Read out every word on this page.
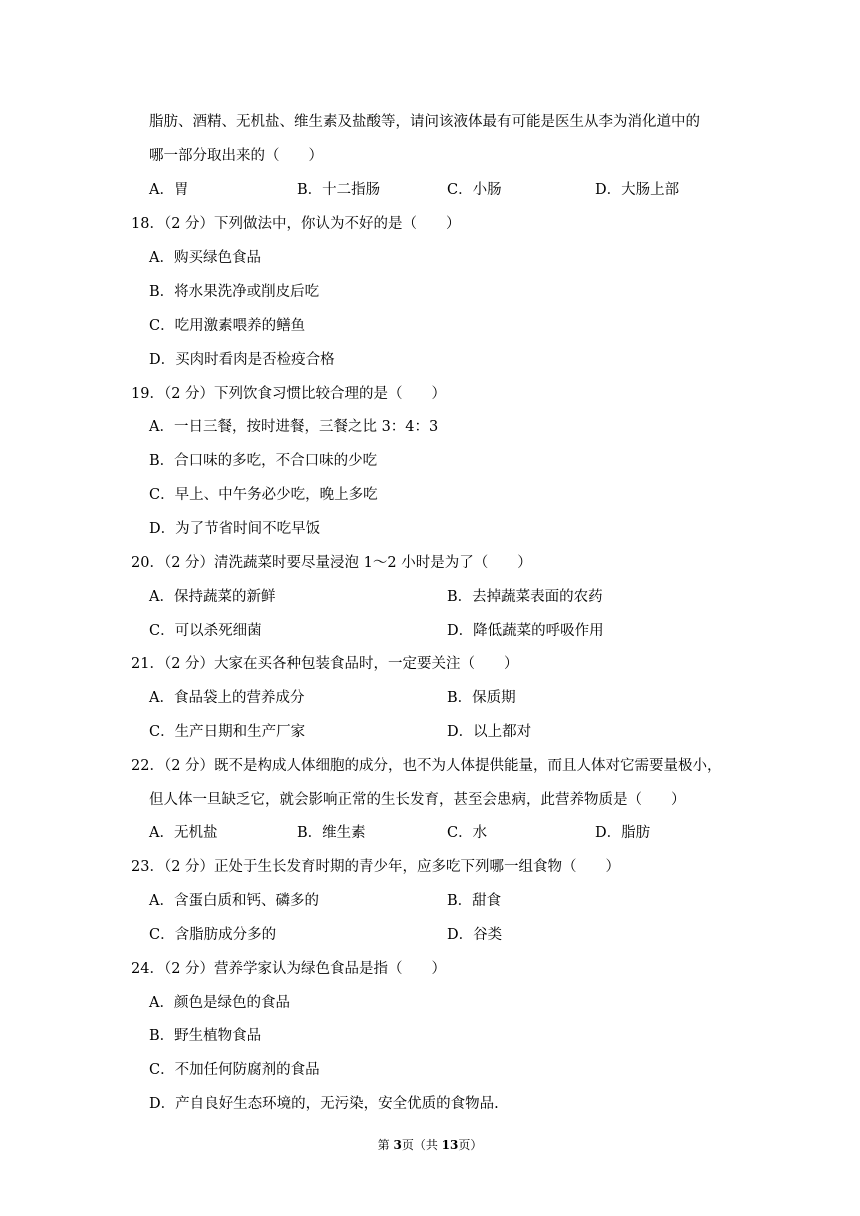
脂肪、酒精、无机盐、维生素及盐酸等，请问该液体最有可能是医生从李为消化道中的
哪一部分取出来的（　　）
A．胃	B．十二指肠	C．小肠	D．大肠上部
18．（2 分）下列做法中，你认为不好的是（　　）
A．购买绿色食品
B．将水果洗净或削皮后吃
C．吃用激素喂养的鳝鱼
D．买肉时看肉是否检疫合格
19．（2 分）下列饮食习惯比较合理的是（　　）
A．一日三餐，按时进餐，三餐之比 3：4：3
B．合口味的多吃，不合口味的少吃
C．早上、中午务必少吃，晚上多吃
D．为了节省时间不吃早饭
20．（2 分）清洗蔬菜时要尽量浸泡 1～2 小时是为了（　　）
A．保持蔬菜的新鲜	B．去掉蔬菜表面的农药
C．可以杀死细菌	D．降低蔬菜的呼吸作用
21．（2 分）大家在买各种包装食品时，一定要关注（　　）
A．食品袋上的营养成分	B．保质期
C．生产日期和生产厂家	D．以上都对
22．（2 分）既不是构成人体细胞的成分，也不为人体提供能量，而且人体对它需要量极小，
但人体一旦缺乏它，就会影响正常的生长发育，甚至会患病，此营养物质是（　　）
A．无机盐	B．维生素	C．水	D．脂肪
23．（2 分）正处于生长发育时期的青少年，应多吃下列哪一组食物（　　）
A．含蛋白质和钙、磷多的	B．甜食
C．含脂肪成分多的	D．谷类
24．（2 分）营养学家认为绿色食品是指（　　）
A．颜色是绿色的食品
B．野生植物食品
C．不加任何防腐剂的食品
D．产自良好生态环境的，无污染，安全优质的食物品.
第 3页（共 13页）
